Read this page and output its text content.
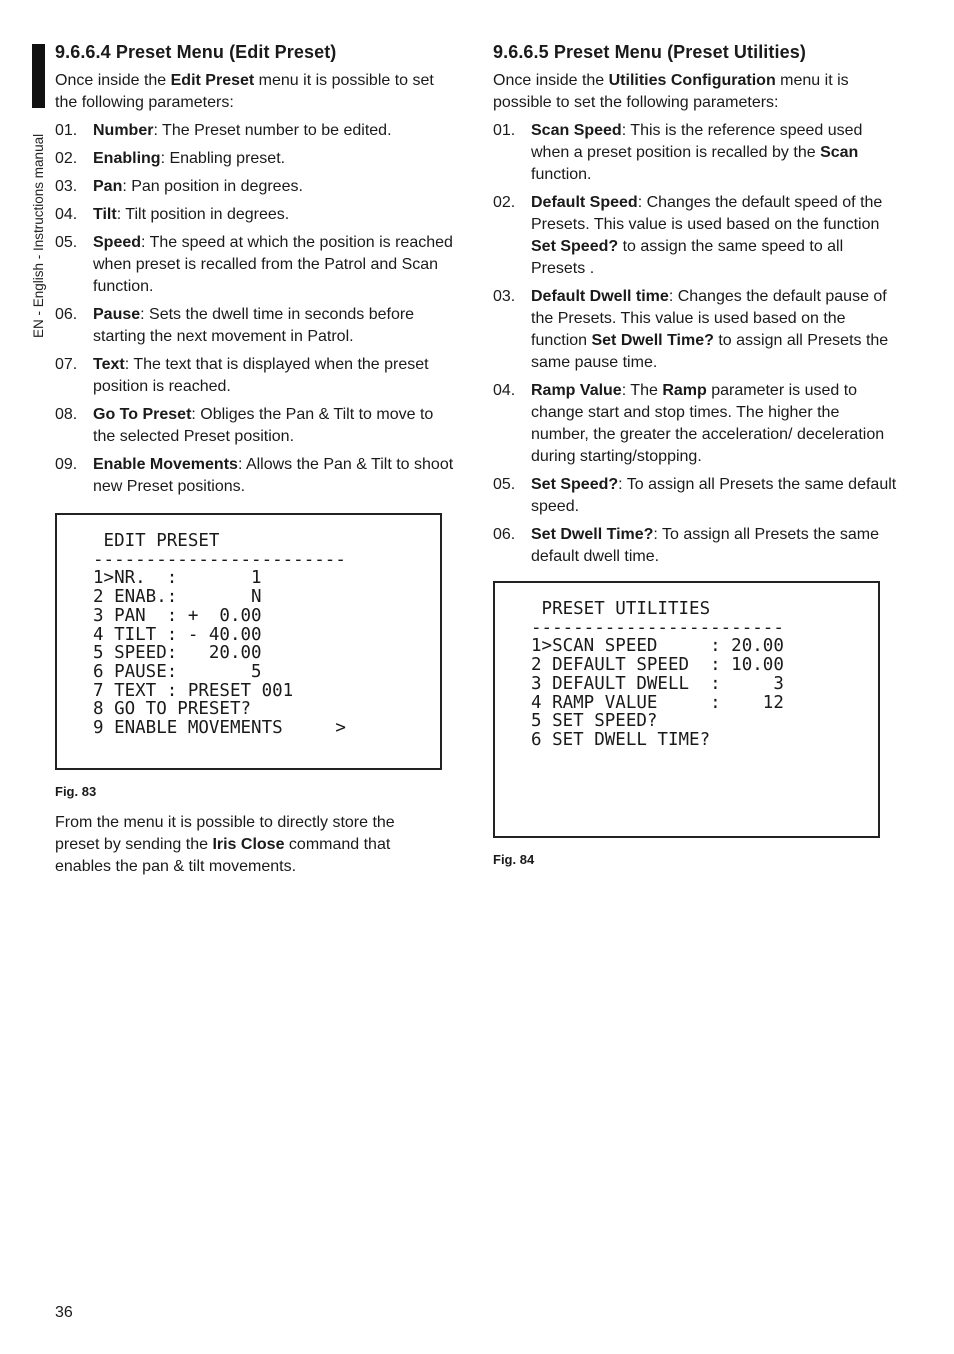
EN - English - Instructions manual
9.6.6.4 Preset Menu (Edit Preset)

Once inside the Edit Preset menu it is possible to set the following parameters:

01. Number: The Preset number to be edited.
02. Enabling: Enabling preset.
03. Pan: Pan position in degrees.
04. Tilt: Tilt position in degrees.
05. Speed: The speed at which the position is reached when preset is recalled from the Patrol and Scan function.
06. Pause: Sets the dwell time in seconds before starting the next movement in Patrol.
07. Text: The text that is displayed when the preset position is reached.
08. Go To Preset: Obliges the Pan & Tilt to move to the selected Preset position.
09. Enable Movements: Allows the Pan & Tilt to shoot new Preset positions.
EDIT PRESET
------------------------
1>NR.  :       1
2 ENAB.:       N
3 PAN  : +  0.00
4 TILT : - 40.00
5 SPEED:   20.00
6 PAUSE:       5
7 TEXT : PRESET 001
8 GO TO PRESET?
9 ENABLE MOVEMENTS     >
Fig. 83

From the menu it is possible to directly store the preset by sending the Iris Close command that enables the pan & tilt movements.

9.6.6.5 Preset Menu (Preset Utilities)

Once inside the Utilities Configuration menu it is possible to set the following parameters:

01. Scan Speed: This is the reference speed used when a preset position is recalled by the Scan function.
02. Default Speed: Changes the default speed of the Presets. This value is used based on the function Set Speed? to assign the same speed to all Presets .
03. Default Dwell time: Changes the default pause of the Presets. This value is used based on the function Set Dwell Time? to assign all Presets the same pause time.
04. Ramp Value: The Ramp parameter is used to change start and stop times. The higher the number, the greater the acceleration/ deceleration during starting/stopping.
05. Set Speed?: To assign all Presets the same default speed.
06. Set Dwell Time?: To assign all Presets the same default dwell time.
PRESET UTILITIES
------------------------
1>SCAN SPEED     : 20.00
2 DEFAULT SPEED  : 10.00
3 DEFAULT DWELL  :     3
4 RAMP VALUE     :    12
5 SET SPEED?
6 SET DWELL TIME?
Fig. 84
36
